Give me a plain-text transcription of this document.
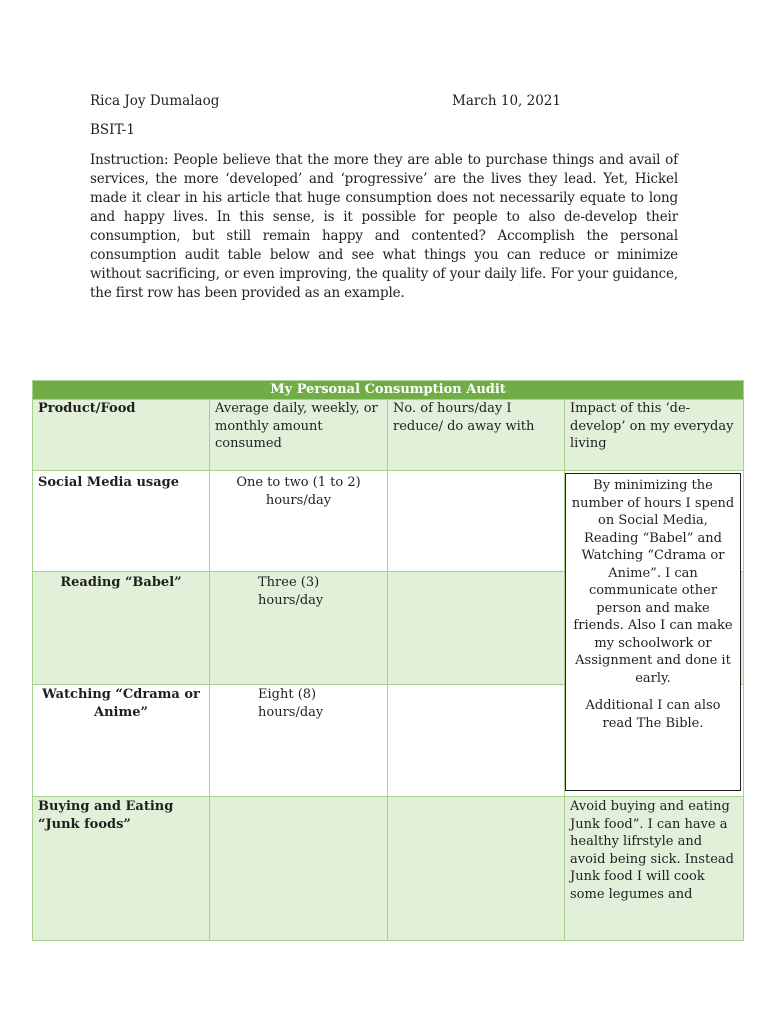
Rica Joy Dumalaog	March 10, 2021
BSIT-1
Instruction: People believe that the more they are able to purchase things and avail of services, the more ‘developed’ and ‘progressive’ are the lives they lead. Yet, Hickel made it clear in his article that huge consumption does not necessarily equate to long and happy lives. In this sense, is it possible for people to also de-develop their consumption, but still remain happy and contented? Accomplish the personal consumption audit table below and see what things you can reduce or minimize without sacrificing, or even improving, the quality of your daily life. For your guidance, the first row has been provided as an example.
My Personal Consumption Audit			
Product/Food	Average daily, weekly, or monthly amount consumed	No. of hours/day I reduce/ do away with	Impact of this ‘de-develop’ on my everyday living
Social Media usage	One to two (1 to 2) hours/day		By minimizing the number of hours I spend on Social Media, Reading “Babel” and Watching “Cdrama or Anime”. I can communicate other person and make friends. Also I can make my schoolwork or Assignment and done it early.

Additional I can also read The Bible.

Reading “Babel”	Three (3) hours/day		
Watching “Cdrama or Anime”	Eight (8) hours/day		
Buying and Eating “Junk foods”			Avoid buying and eating Junk food”. I can have a healthy lifrstyle and avoid being sick. Instead Junk food I will cook some legumes and
